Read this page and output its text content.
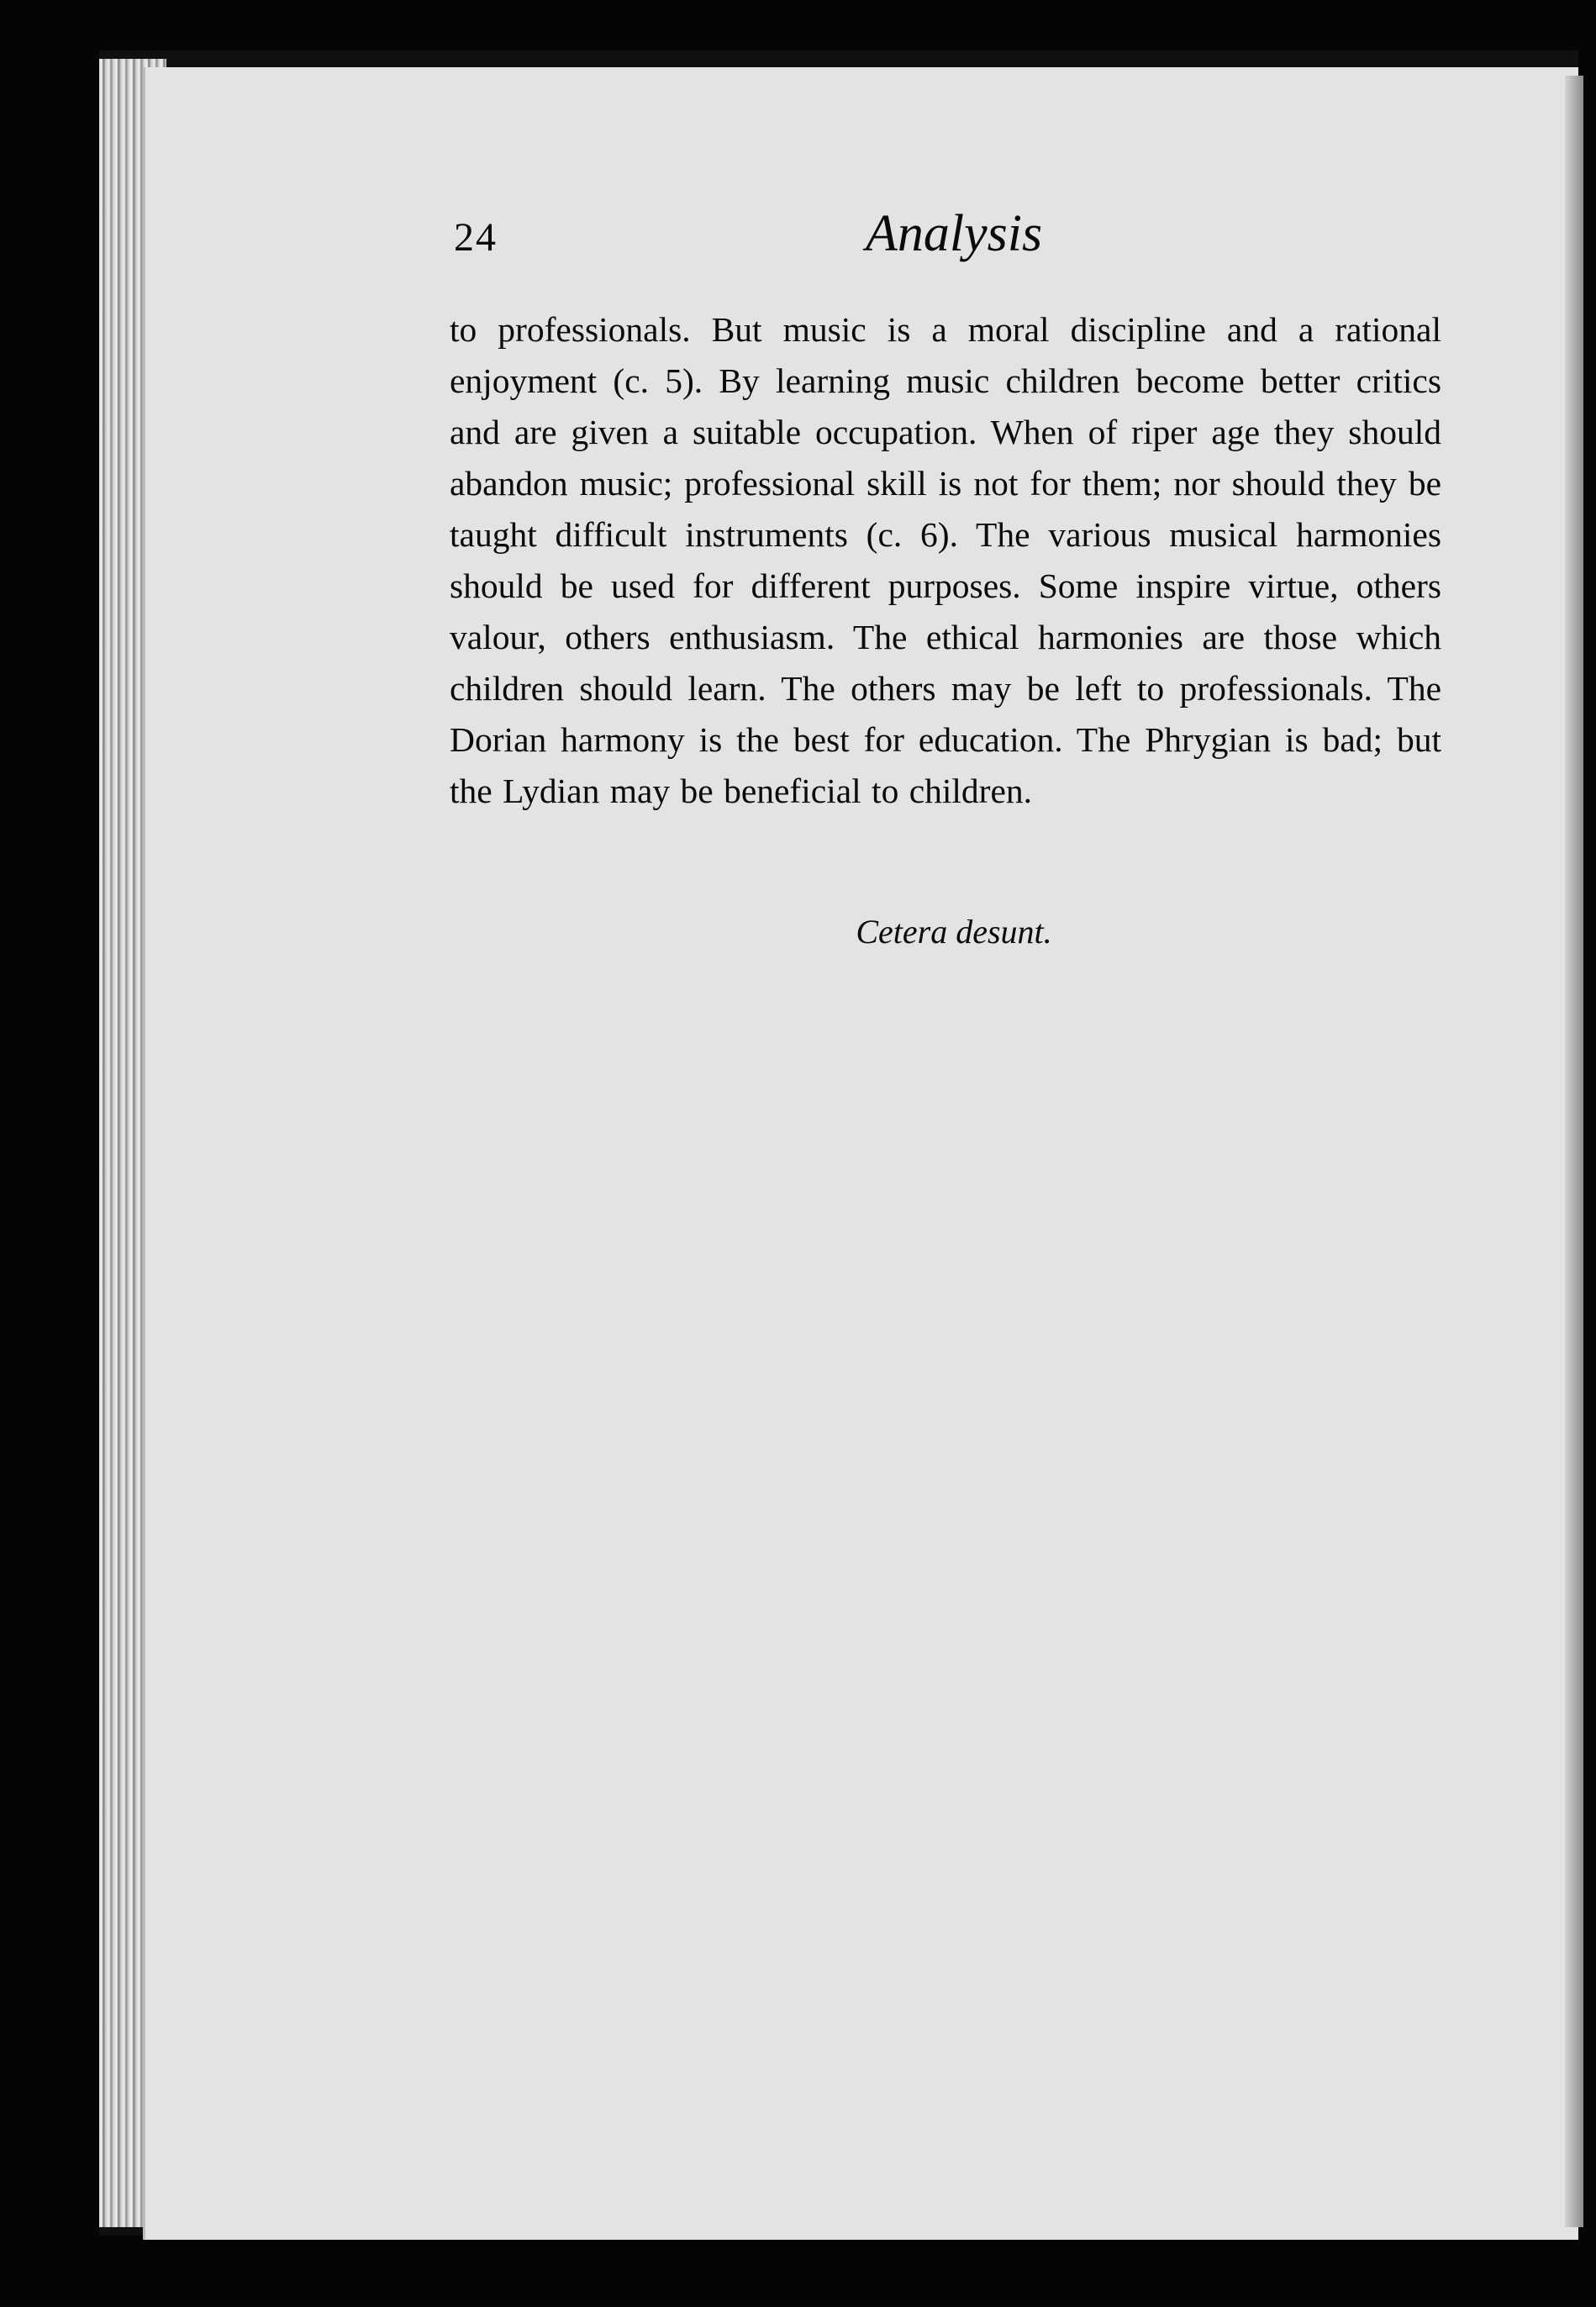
24	Analysis

to professionals. But music is a moral discipline and a rational enjoyment (c. 5). By learning music children become better critics and are given a suitable occupation. When of riper age they should abandon music; professional skill is not for them; nor should they be taught difficult instruments (c. 6). The various musical harmonies should be used for different purposes. Some inspire virtue, others valour, others enthusiasm. The ethical harmonies are those which children should learn. The others may be left to professionals. The Dorian harmony is the best for education. The Phrygian is bad; but the Lydian may be beneficial to children.

Cetera desunt.
